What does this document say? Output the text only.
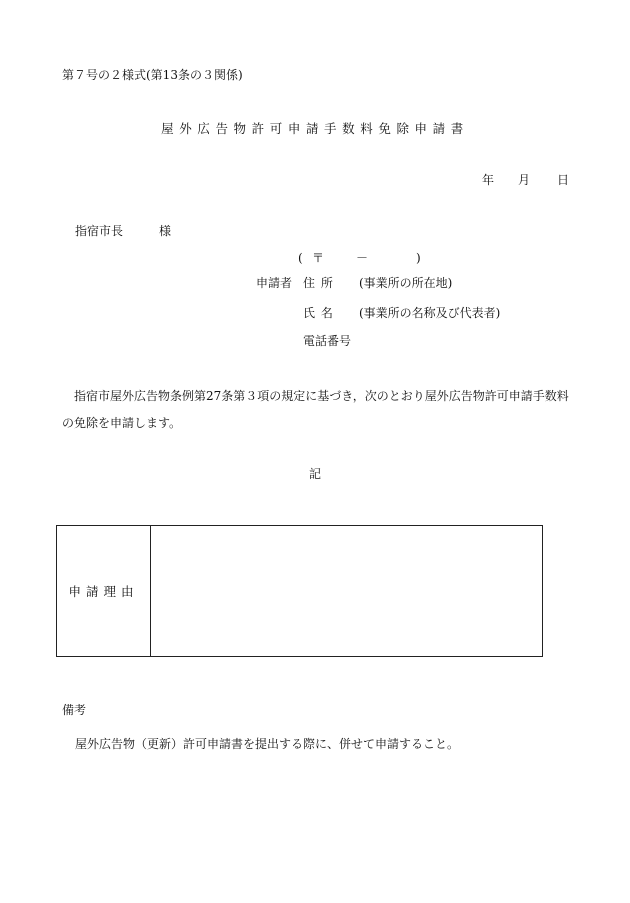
第７号の２様式(第13条の３関係)
屋外広告物許可申請手数料免除申請書
年 月 日
指宿市長	様
( 〒	－	)
申請者 住 所 (事業所の所在地)
氏 名 (事業所の名称及び代表者)
電話番号
指宿市屋外広告物条例第27条第３項の規定に基づき，次のとおり屋外広告物許可申請手数料の免除を申請します。
記
申請理由
備考
屋外広告物（更新）許可申請書を提出する際に、併せて申請すること。
